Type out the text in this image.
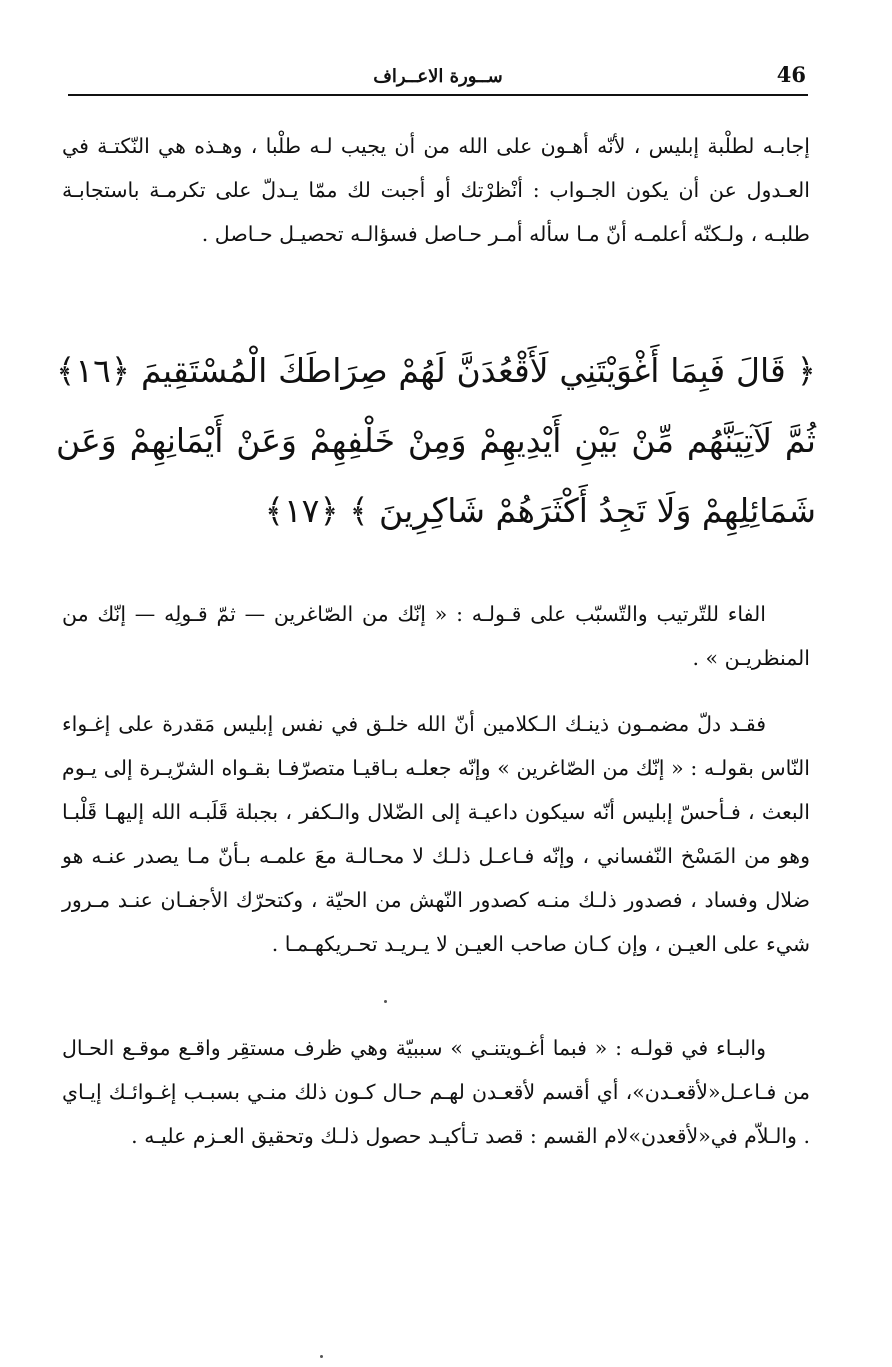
46
ســورة الاعــراف

إجابـه لطلْبة إبليس ، لأنّه أهـون على الله من أن يجيب لـه طلْبا ، وهـذه هي النّكتـة في العـدول عن أن يكون الجـواب : أنْظرْتك أو أجبت لك ممّا يـدلّ على تكرمـة باستجابـة طلبـه ، ولـكنّه أعلمـه أنّ مـا سأله أمـر حـاصل فسؤالـه تحصيـل حـاصل .

﴿ قَالَ فَبِمَا أَغْوَيْتَنِي لَأَقْعُدَنَّ لَهُمْ صِرَاطَكَ الْمُسْتَقِيمَ ﴿١٦﴾ ثُمَّ لَآتِيَنَّهُم مِّنْ بَيْنِ أَيْدِيهِمْ وَمِنْ خَلْفِهِمْ وَعَنْ أَيْمَانِهِمْ وَعَن شَمَائِلِهِمْ وَلَا تَجِدُ أَكْثَرَهُمْ شَاكِرِينَ ﴾ ﴿١٧﴾

الفاء للتّرتيب والتّسبّب على قـولـه : « إنّك من الصّاغرين — ثمّ قـولِه — إنّك من المنظريـن » .

فقـد دلّ مضمـون ذينـك الـكلامين أنّ الله خلـق في نفس إبليس مَقدرة على إغـواء النّاس بقولـه : « إنّك من الصّاغرين » وإنّه جعلـه بـاقيـا متصرّفـا بقـواه الشرّيـرة إلى يـوم البعث ، فـأحسّ إبليس أنّه سيكون داعيـة إلى الضّلال والـكفر ، بجبلة قَلَبـه الله إليهـا قَلْبـا وهو من المَسْخ النّفساني ، وإنّه فـاعـل ذلـك لا محـالـة معَ علمـه بـأنّ مـا يصدر عنـه هو ضلال وفساد ، فصدور ذلـك منـه كصدور النّهش من الحيّة ، وكتحرّك الأجفـان عنـد مـرور شيء على العيـن ، وإن كـان صاحب العيـن لا يـريـد تحـريكهـمـا .

والبـاء في قولـه : « فبما أغـويتنـي » سببيّة وهي ظرف مستقِر واقـع موقـع الحـال من فـاعـل«لأقعـدن»، أي أقسم لأقعـدن لهـم حـال كـون ذلك منـي بسبـب إغـوائـك إيـاي . والـلاّم في«لأقعدن»لام القسم : قصد تـأكيـد حصول ذلـك وتحقيق العـزم عليـه .
